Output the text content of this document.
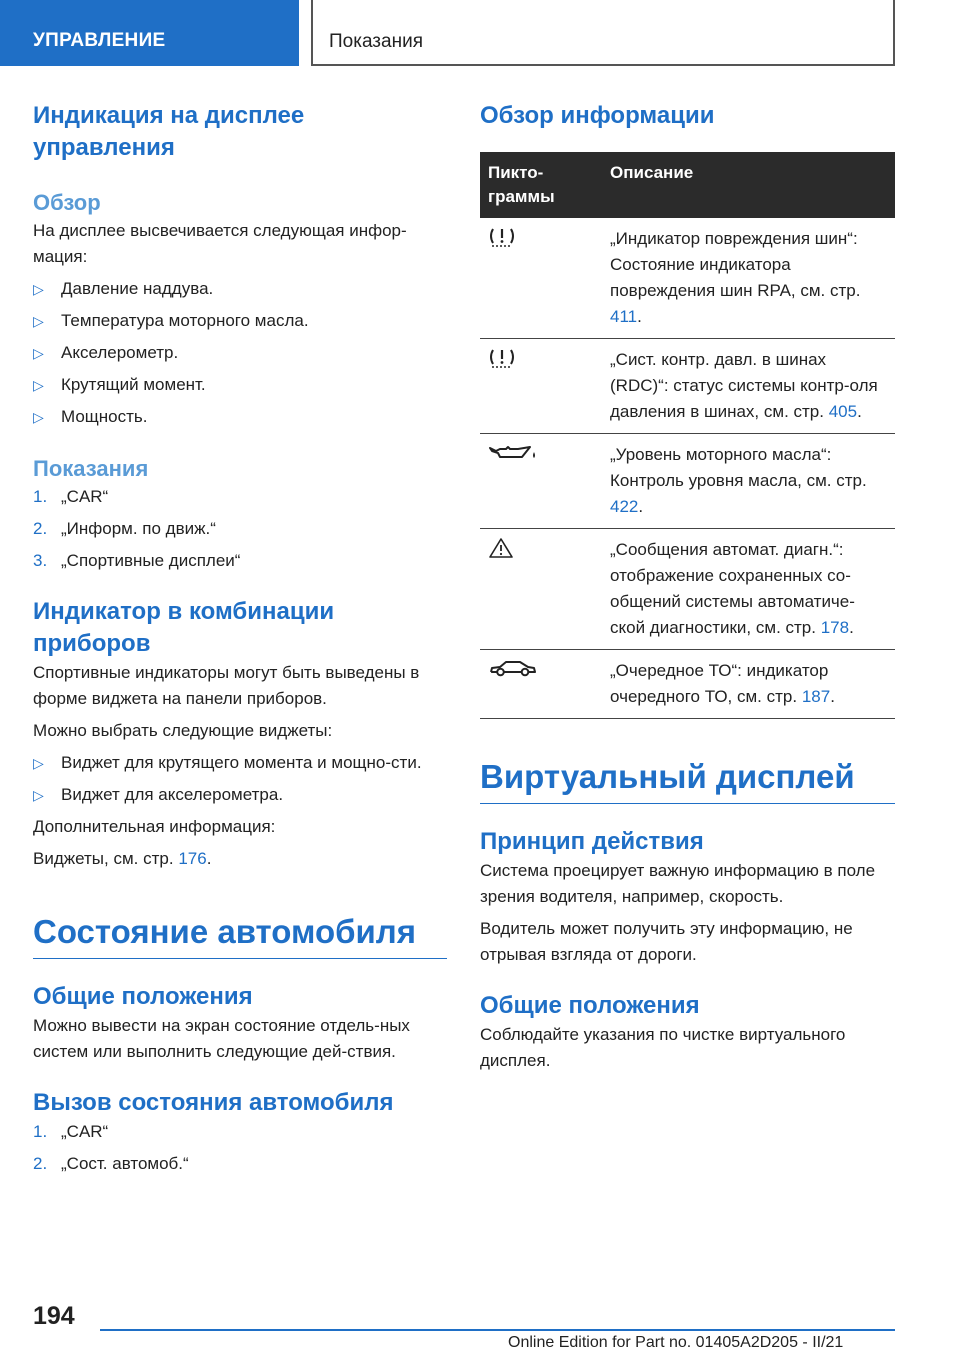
УПРАВЛЕНИЕ	Показания
Индикация на дисплее управления
Обзор

На дисплее высвечивается следующая инфор-мация:

▷ Давление наддува.
▷ Температура моторного масла.
▷ Акселерометр.
▷ Крутящий момент.
▷ Мощность.
Показания
1. „CAR“
2. „Информ. по движ.“
3. „Спортивные дисплеи“
Индикатор в комбинации приборов

Спортивные индикаторы могут быть выведены в форме виджета на панели приборов.

Можно выбрать следующие виджеты:

▷ Виджет для крутящего момента и мощно-сти.
▷ Виджет для акселерометра.

Дополнительная информация:

Виджеты, см. стр. 176.

Состояние автомобиля
Общие положения

Можно вывести на экран состояние отдель-ных систем или выполнить следующие дей-ствия.

Вызов состояния автомобиля
1. „CAR“
2. „Сост. автомоб.“
Обзор информации
Пикто-граммы	Описание
	„Индикатор повреждения шин“: Состояние индикатора повреждения шин RPA, см. стр. 411.
	„Сист. контр. давл. в шинах (RDC)“: статус системы контр-оля давления в шинах, см. стр. 405.
	„Уровень моторного масла“: Контроль уровня масла, см. стр. 422.
	„Сообщения автомат. диагн.“: отображение сохраненных со-общений системы автоматиче-ской диагностики, см. стр. 178.
	„Очередное ТО“: индикатор очередного ТО, см. стр. 187.
Виртуальный дисплей
Принцип действия

Система проецирует важную информацию в поле зрения водителя, например, скорость.

Водитель может получить эту информацию, не отрывая взгляда от дороги.

Общие положения

Соблюдайте указания по чистке виртуального дисплея.

194
Online Edition for Part no. 01405A2D205 - II/21
